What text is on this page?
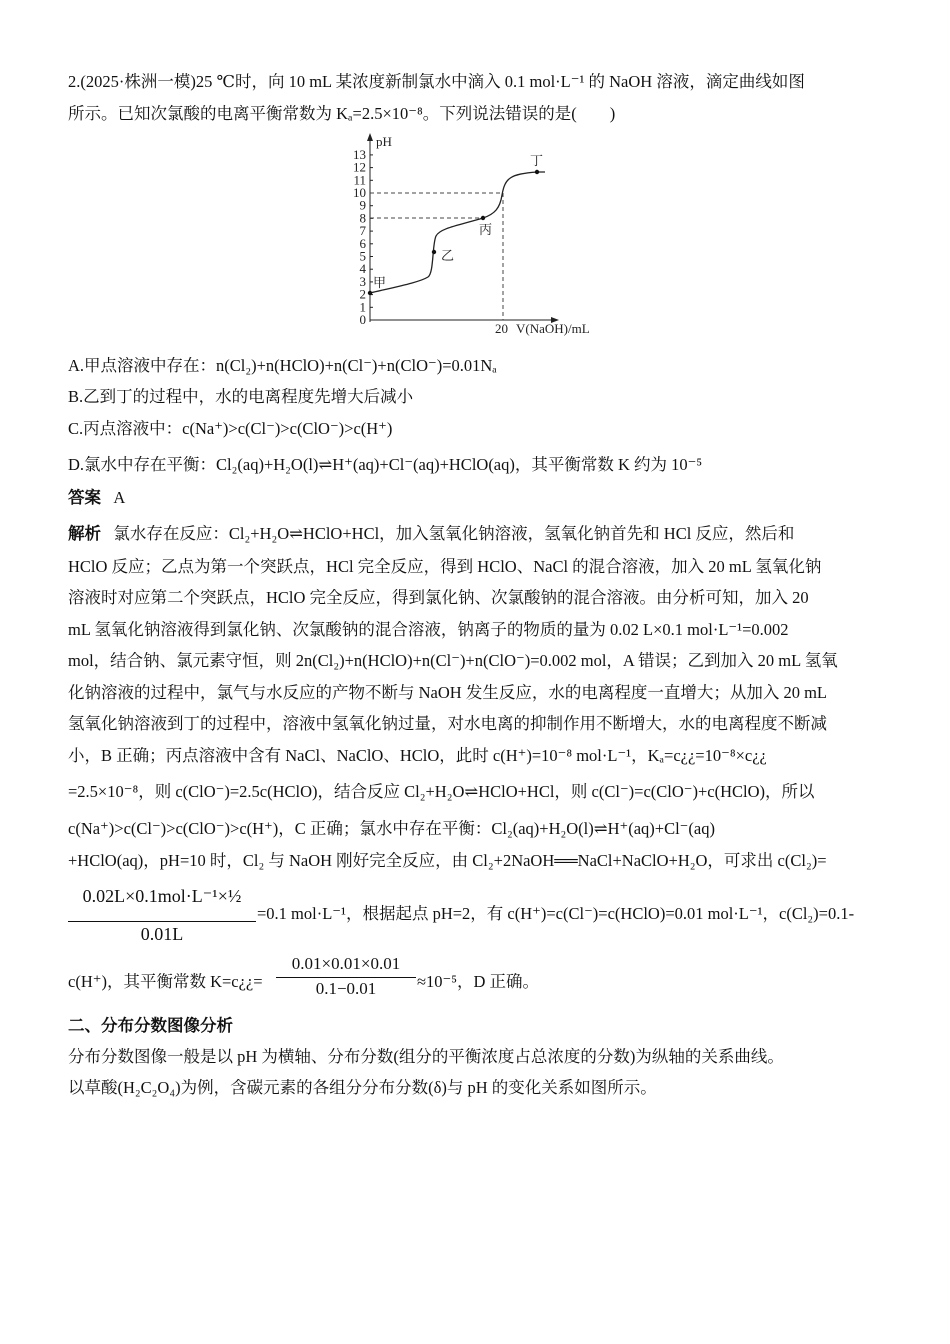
2.(2025·株洲一模)25 ℃时，向 10 mL 某浓度新制氯水中滴入 0.1 mol·L⁻¹ 的 NaOH 溶液，滴定曲线如图
所示。已知次氯酸的电离平衡常数为 Kₐ=2.5×10⁻⁸。下列说法错误的是(　　)
pH
0
1
2
3
4
5
6
7
8
9
10
11
12
13
甲
乙
丙
丁
20 V(NaOH)/mL
A.甲点溶液中存在：n(Cl₂)+n(HClO)+n(Cl⁻)+n(ClO⁻)=0.01Nₐ
B.乙到丁的过程中，水的电离程度先增大后减小
C.丙点溶液中：c(Na⁺)>c(Cl⁻)>c(ClO⁻)>c(H⁺)
D.氯水中存在平衡：Cl₂(aq)+H₂O(l)⇌H⁺(aq)+Cl⁻(aq)+HClO(aq)，其平衡常数 K 约为 10⁻⁵
答案 A
解析 氯水存在反应：Cl₂+H₂O⇌HClO+HCl，加入氢氧化钠溶液，氢氧化钠首先和 HCl 反应，然后和
HClO 反应；乙点为第一个突跃点，HCl 完全反应，得到 HClO、NaCl 的混合溶液，加入 20 mL 氢氧化钠
溶液时对应第二个突跃点，HClO 完全反应，得到氯化钠、次氯酸钠的混合溶液。由分析可知，加入 20
mL 氢氧化钠溶液得到氯化钠、次氯酸钠的混合溶液，钠离子的物质的量为 0.02 L×0.1 mol·L⁻¹=0.002
mol，结合钠、氯元素守恒，则 2n(Cl₂)+n(HClO)+n(Cl⁻)+n(ClO⁻)=0.002 mol，A 错误；乙到加入 20 mL 氢氧
化钠溶液的过程中，氯气与水反应的产物不断与 NaOH 发生反应，水的电离程度一直增大；从加入 20 mL
氢氧化钠溶液到丁的过程中，溶液中氢氧化钠过量，对水电离的抑制作用不断增大，水的电离程度不断减
小，B 正确；丙点溶液中含有 NaCl、NaClO、HClO，此时 c(H⁺)=10⁻⁸ mol·L⁻¹，Kₐ=c¿¿=10⁻⁸×c¿¿
=2.5×10⁻⁸，则 c(ClO⁻)=2.5c(HClO)，结合反应 Cl₂+H₂O⇌HClO+HCl，则 c(Cl⁻)=c(ClO⁻)+c(HClO)，所以
c(Na⁺)>c(Cl⁻)>c(ClO⁻)>c(H⁺)，C 正确；氯水中存在平衡：Cl₂(aq)+H₂O(l)⇌H⁺(aq)+Cl⁻(aq)
+HClO(aq)，pH=10 时，Cl₂ 与 NaOH 刚好完全反应，由 Cl₂+2NaOH══NaCl+NaClO+H₂O，可求出 c(Cl₂)=
0.02L×0.1mol·L⁻¹×½
0.01L
=0.1 mol·L⁻¹，根据起点 pH=2，有 c(H⁺)=c(Cl⁻)=c(HClO)=0.01 mol·L⁻¹，c(Cl₂)=0.1-
c(H⁺)，其平衡常数 K=c¿¿=
0.01×0.01×0.01
0.1−0.01	≈10⁻⁵，D 正确。
二、分布分数图像分析
分布分数图像一般是以 pH 为横轴、分布分数(组分的平衡浓度占总浓度的分数)为纵轴的关系曲线。
以草酸(H₂C₂O₄)为例，含碳元素的各组分分布分数(δ)与 pH 的变化关系如图所示。
